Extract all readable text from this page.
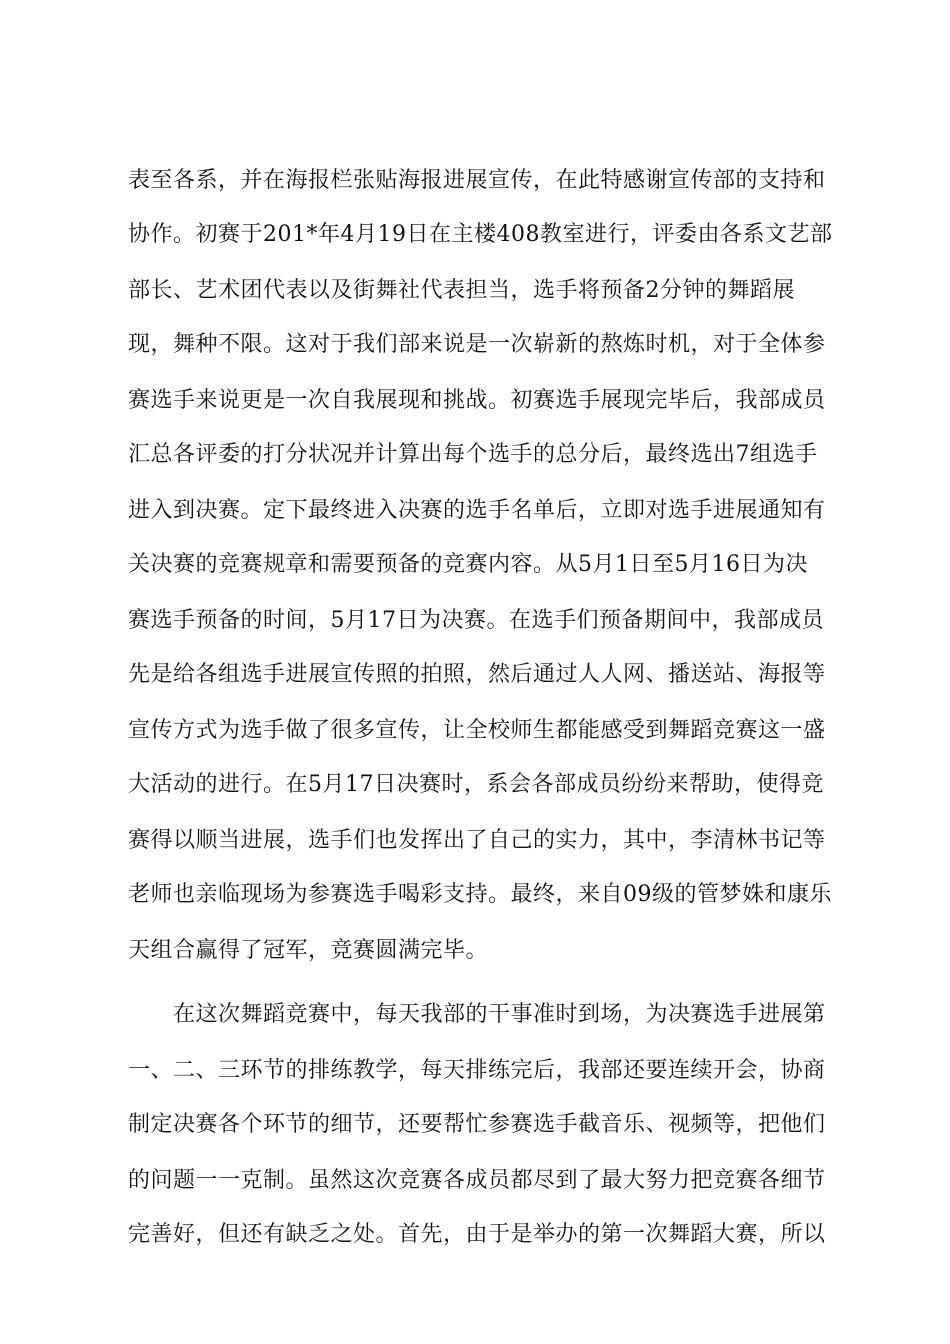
表至各系，并在海报栏张贴海报进展宣传，在此特感谢宣传部的支持和
协作。初赛于201*年4月19日在主楼408教室进行，评委由各系文艺部
部长、艺术团代表以及街舞社代表担当，选手将预备2分钟的舞蹈展
现，舞种不限。这对于我们部来说是一次崭新的熬炼时机，对于全体参
赛选手来说更是一次自我展现和挑战。初赛选手展现完毕后，我部成员
汇总各评委的打分状况并计算出每个选手的总分后，最终选出7组选手
进入到决赛。定下最终进入决赛的选手名单后，立即对选手进展通知有
关决赛的竞赛规章和需要预备的竞赛内容。从5月1日至5月16日为决
赛选手预备的时间，5月17日为决赛。在选手们预备期间中，我部成员
先是给各组选手进展宣传照的拍照，然后通过人人网、播送站、海报等
宣传方式为选手做了很多宣传，让全校师生都能感受到舞蹈竞赛这一盛
大活动的进行。在5月17日决赛时，系会各部成员纷纷来帮助，使得竞
赛得以顺当进展，选手们也发挥出了自己的实力，其中，李清林书记等
老师也亲临现场为参赛选手喝彩支持。最终，来自09级的管梦姝和康乐
天组合赢得了冠军，竞赛圆满完毕。
　　在这次舞蹈竞赛中，每天我部的干事准时到场，为决赛选手进展第
一、二、三环节的排练教学，每天排练完后，我部还要连续开会，协商
制定决赛各个环节的细节，还要帮忙参赛选手截音乐、视频等，把他们
的问题一一克制。虽然这次竞赛各成员都尽到了最大努力把竞赛各细节
完善好，但还有缺乏之处。首先，由于是举办的第一次舞蹈大赛，所以
